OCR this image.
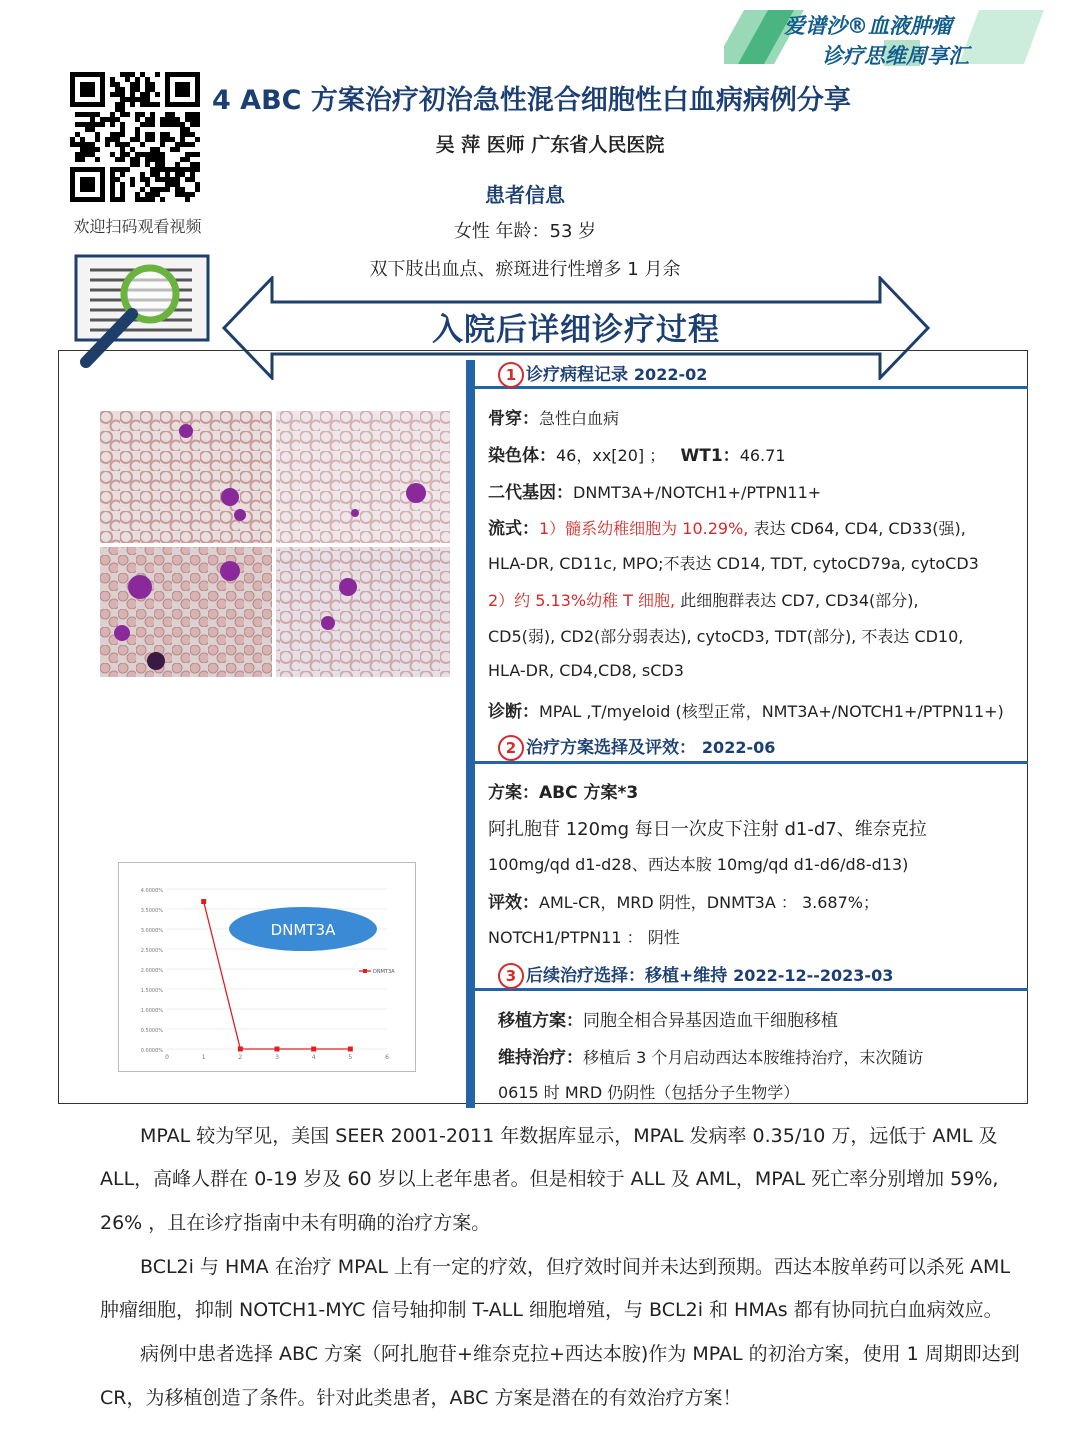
爱谱沙®血液肿瘤
诊疗思维周享汇
欢迎扫码观看视频
4 ABC 方案治疗初治急性混合细胞性白血病病例分享
吴 萍 医师 广东省人民医院
患者信息
女性 年龄：53 岁
双下肢出血点、瘀斑进行性增多 1 月余
入院后详细诊疗过程
1 诊疗病程记录 2022-02
2 治疗方案选择及评效： 2022-06
3 后续治疗选择：移植+维持 2022-12--2023-03
骨穿：急性白血病
染色体：46，xx[20] ； WT1：46.71
二代基因：DNMT3A+/NOTCH1+/PTPN11+
流式：1）髓系幼稚细胞为 10.29%, 表达 CD64, CD4, CD33(强),
HLA-DR, CD11c, MPO;不表达 CD14, TDT, cytoCD79a, cytoCD3
2）约 5.13%幼稚 T 细胞, 此细胞群表达 CD7, CD34(部分),
CD5(弱), CD2(部分弱表达), cytoCD3, TDT(部分), 不表达 CD10,
HLA-DR, CD4,CD8, sCD3
诊断：MPAL ,T/myeloid (核型正常，NMT3A+/NOTCH1+/PTPN11+)
方案：ABC 方案*3
阿扎胞苷 120mg 每日一次皮下注射 d1-d7、维奈克拉
100mg/qd d1-d28、西达本胺 10mg/qd d1-d6/d8-d13)
评效：AML-CR，MRD 阴性，DNMT3A ： 3.687%；
NOTCH1/PTPN11 ： 阴性
移植方案：同胞全相合异基因造血干细胞移植
维持治疗：移植后 3 个月启动西达本胺维持治疗，末次随访
0615 时 MRD 仍阴性（包括分子生物学）
0.0000%
0.5000%
1.0000%
1.5000%
2.0000%
2.5000%
3.0000%
3.5000%
4.0000%
0	1	2	3	4	5	6
DNMT3A
DNMT3A
MPAL 较为罕见，美国 SEER 2001-2011 年数据库显示，MPAL 发病率 0.35/10 万，远低于 AML 及
ALL，高峰人群在 0-19 岁及 60 岁以上老年患者。但是相较于 ALL 及 AML，MPAL 死亡率分别增加 59%,
26% ，且在诊疗指南中未有明确的治疗方案。
BCL2i 与 HMA 在治疗 MPAL 上有一定的疗效，但疗效时间并未达到预期。西达本胺单药可以杀死 AML
肿瘤细胞，抑制 NOTCH1-MYC 信号轴抑制 T-ALL 细胞增殖，与 BCL2i 和 HMAs 都有协同抗白血病效应。
病例中患者选择 ABC 方案（阿扎胞苷+维奈克拉+西达本胺)作为 MPAL 的初治方案，使用 1 周期即达到
CR，为移植创造了条件。针对此类患者，ABC 方案是潜在的有效治疗方案！
